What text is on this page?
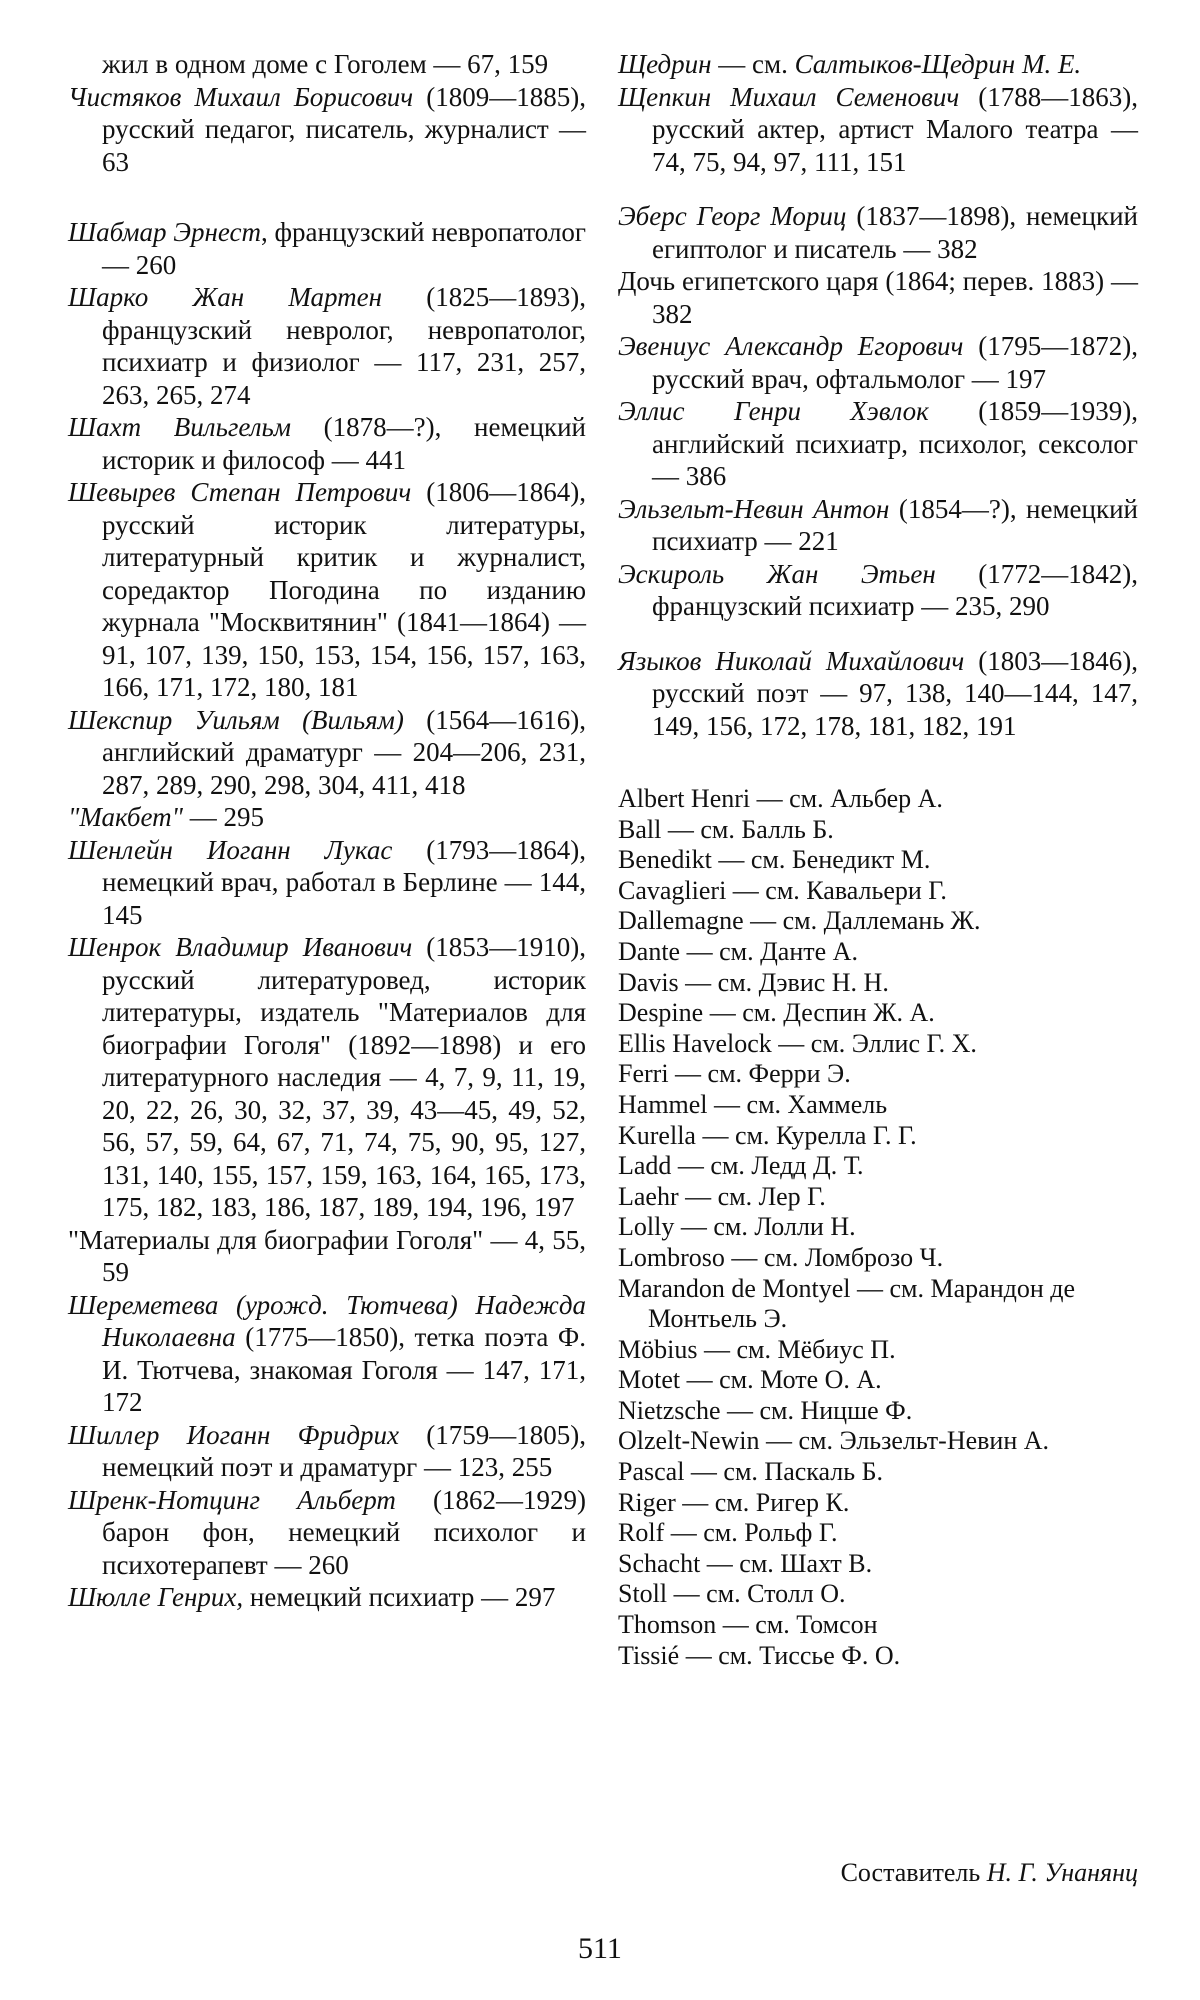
жил в одном доме с Гоголем — 67, 159

Чистяков Михаил Борисович (1809—1885), русский педагог, писатель, журналист — 63

Шабмар Эрнест, французский невропатолог — 260

Шарко Жан Мартен (1825—1893), французский невролог, невропатолог, психиатр и физиолог — 117, 231, 257, 263, 265, 274

Шахт Вильгельм (1878—?), немецкий историк и философ — 441

Шевырев Степан Петрович (1806—1864), русский историк литературы, литературный критик и журналист, соредактор Погодина по изданию журнала "Москвитянин" (1841—1864) — 91, 107, 139, 150, 153, 154, 156, 157, 163, 166, 171, 172, 180, 181

Шекспир Уильям (Вильям) (1564—1616), английский драматург — 204—206, 231, 287, 289, 290, 298, 304, 411, 418

"Макбет" — 295

Шенлейн Иоганн Лукас (1793—1864), немецкий врач, работал в Берлине — 144, 145

Шенрок Владимир Иванович (1853—1910), русский литературовед, историк литературы, издатель "Материалов для биографии Гоголя" (1892—1898) и его литературного наследия — 4, 7, 9, 11, 19, 20, 22, 26, 30, 32, 37, 39, 43—45, 49, 52, 56, 57, 59, 64, 67, 71, 74, 75, 90, 95, 127, 131, 140, 155, 157, 159, 163, 164, 165, 173, 175, 182, 183, 186, 187, 189, 194, 196, 197

"Материалы для биографии Гоголя" — 4, 55, 59

Шереметева (урожд. Тютчева) Надежда Николаевна (1775—1850), тетка поэта Ф. И. Тютчева, знакомая Гоголя — 147, 171, 172

Шиллер Иоганн Фридрих (1759—1805), немецкий поэт и драматург — 123, 255

Шренк-Нотцинг Альберт (1862—1929) барон фон, немецкий психолог и психотерапевт — 260

Шюлле Генрих, немецкий психиатр — 297

Щедрин — см. Салтыков-Щедрин М. Е.

Щепкин Михаил Семенович (1788—1863), русский актер, артист Малого театра — 74, 75, 94, 97, 111, 151

Эберс Георг Мориц (1837—1898), немецкий египтолог и писатель — 382

Дочь египетского царя (1864; перев. 1883) — 382

Эвениус Александр Егорович (1795—1872), русский врач, офтальмолог — 197

Эллис Генри Хэвлок (1859—1939), английский психиатр, психолог, сексолог — 386

Эльзельт-Невин Антон (1854—?), немецкий психиатр — 221

Эскироль Жан Этьен (1772—1842), французский психиатр — 235, 290

Языков Николай Михайлович (1803—1846), русский поэт — 97, 138, 140—144, 147, 149, 156, 172, 178, 181, 182, 191

Albert Henri — см. Альбер А.

Ball — см. Балль Б.

Benedikt — см. Бенедикт М.

Cavaglieri — см. Кавальери Г.

Dallemagne — см. Даллемань Ж.

Dante — см. Данте А.

Davis — см. Дэвис Н. Н.

Despine — см. Деспин Ж. А.

Ellis Havelock — см. Эллис Г. Х.

Ferri — см. Ферри Э.

Hammel — см. Хаммель

Kurella — см. Курелла Г. Г.

Ladd — см. Ледд Д. Т.

Laehr — см. Лер Г.

Lolly — см. Лолли Н.

Lombroso — см. Ломброзо Ч.

Marandon de Montyel — см. Марандон де Монтьель Э.

Möbius — см. Мёбиус П.

Motet — см. Моте О. А.

Nietzsche — см. Ницше Ф.

Olzelt-Newin — см. Эльзельт-Невин А.

Pascal — см. Паскаль Б.

Riger — см. Ригер К.

Rolf — см. Рольф Г.

Schacht — см. Шахт В.

Stoll — см. Столл О.

Thomson — см. Томсон

Tissié — см. Тиссье Ф. О.

Составитель Н. Г. Унанянц
511
